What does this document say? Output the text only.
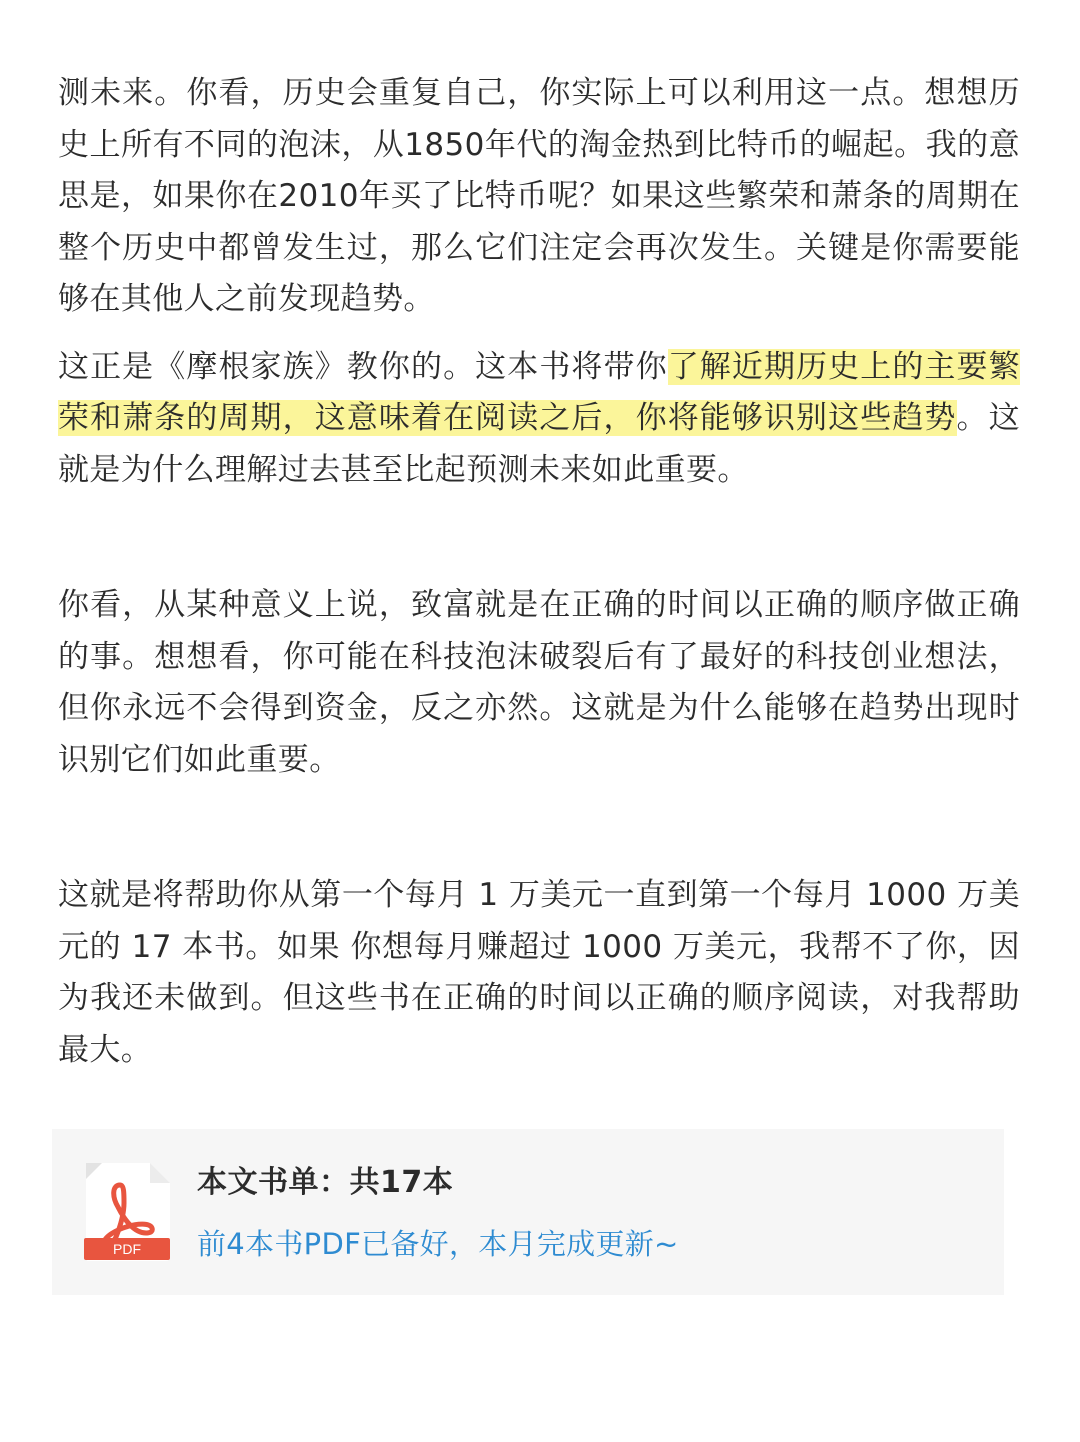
测未来。你看，历史会重复自己，你实际上可以利用这一点。想想历史上所有不同的泡沫，从1850年代的淘金热到比特币的崛起。我的意思是，如果你在2010年买了比特币呢？如果这些繁荣和萧条的周期在整个历史中都曾发生过，那么它们注定会再次发生。关键是你需要能够在其他人之前发现趋势。

这正是《摩根家族》教你的。这本书将带你了解近期历史上的主要繁荣和萧条的周期，这意味着在阅读之后，你将能够识别这些趋势。这就是为什么理解过去甚至比起预测未来如此重要。

你看，从某种意义上说，致富就是在正确的时间以正确的顺序做正确的事。想想看，你可能在科技泡沫破裂后有了最好的科技创业想法，但你永远不会得到资金，反之亦然。这就是为什么能够在趋势出现时识别它们如此重要。

这就是将帮助你从第一个每月 1 万美元一直到第一个每月 1000 万美元的 17 本书。如果 你想每月赚超过 1000 万美元，我帮不了你，因为我还未做到。但这些书在正确的时间以正确的顺序阅读，对我帮助最大。

PDF
本文书单：共17本
前4本书PDF已备好，本月完成更新~
